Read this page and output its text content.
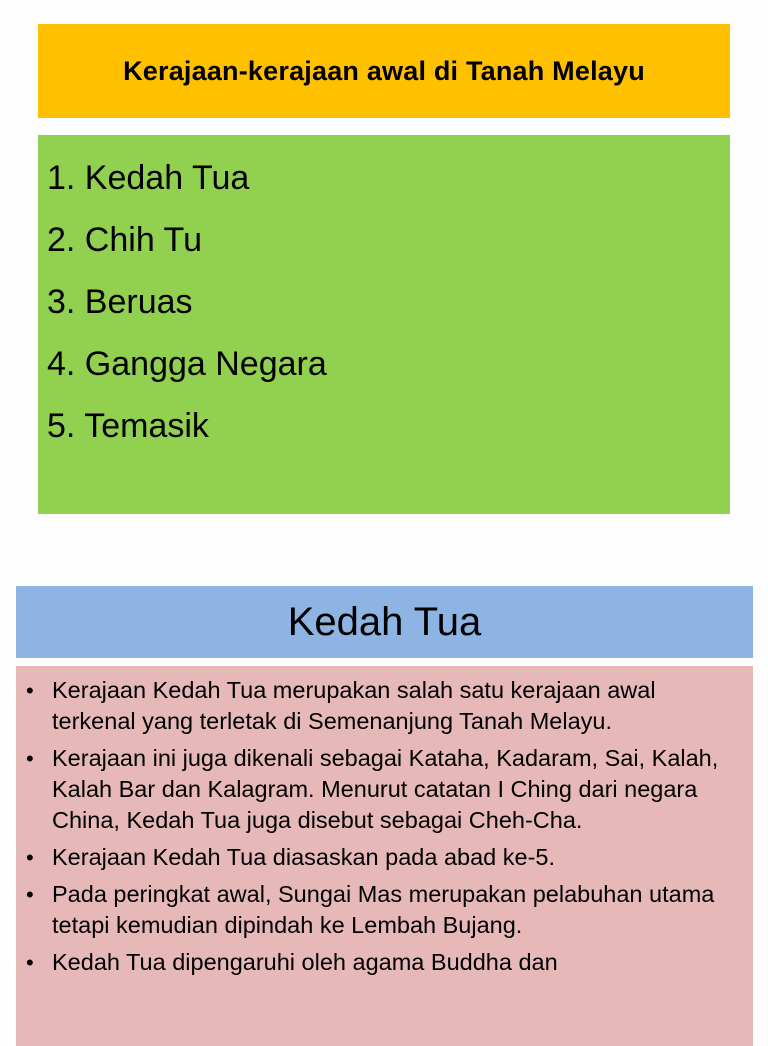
Kerajaan-kerajaan awal di Tanah Melayu
1. Kedah Tua
2. Chih Tu
3. Beruas
4. Gangga Negara
5. Temasik
Kedah Tua
• Kerajaan Kedah Tua merupakan salah satu kerajaan awal terkenal yang terletak di Semenanjung Tanah Melayu.
• Kerajaan ini juga dikenali sebagai Kataha, Kadaram, Sai, Kalah, Kalah Bar dan Kalagram. Menurut catatan I Ching dari negara China, Kedah Tua juga disebut sebagai Cheh-Cha.
• Kerajaan Kedah Tua diasaskan pada abad ke-5.
• Pada peringkat awal, Sungai Mas merupakan pelabuhan utama tetapi kemudian dipindah ke Lembah Bujang.
• Kedah Tua dipengaruhi oleh agama Buddha dan
